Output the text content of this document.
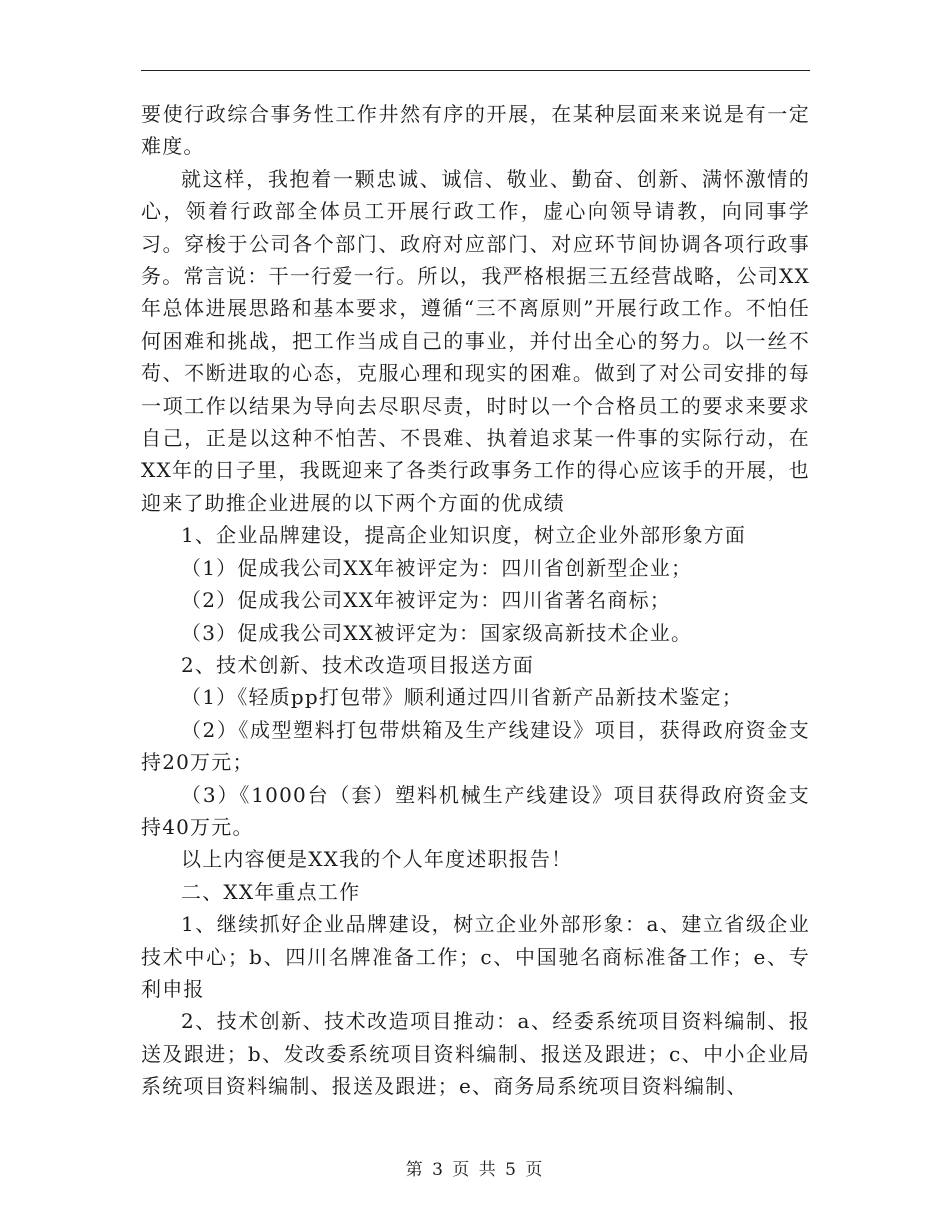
要使行政综合事务性工作井然有序的开展，在某种层面来来说是有一定难度。

就这样，我抱着一颗忠诚、诚信、敬业、勤奋、创新、满怀激情的心，领着行政部全体员工开展行政工作，虚心向领导请教，向同事学习。穿梭于公司各个部门、政府对应部门、对应环节间协调各项行政事务。常言说：干一行爱一行。所以，我严格根据三五经营战略，公司XX年总体进展思路和基本要求，遵循“三不离原则”开展行政工作。不怕任何困难和挑战，把工作当成自己的事业，并付出全心的努力。以一丝不苟、不断进取的心态，克服心理和现实的困难。做到了对公司安排的每一项工作以结果为导向去尽职尽责，时时以一个合格员工的要求来要求自己，正是以这种不怕苦、不畏难、执着追求某一件事的实际行动，在XX年的日子里，我既迎来了各类行政事务工作的得心应该手的开展，也迎来了助推企业进展的以下两个方面的优成绩

1、企业品牌建设，提高企业知识度，树立企业外部形象方面

（1）促成我公司XX年被评定为：四川省创新型企业；

（2）促成我公司XX年被评定为：四川省著名商标；

（3）促成我公司XX被评定为：国家级高新技术企业。

2、技术创新、技术改造项目报送方面

（1）《轻质pp打包带》顺利通过四川省新产品新技术鉴定；

（2）《成型塑料打包带烘箱及生产线建设》项目，获得政府资金支持20万元；

（3）《1000台（套）塑料机械生产线建设》项目获得政府资金支持40万元。

以上内容便是XX我的个人年度述职报告！

二、XX年重点工作

1、继续抓好企业品牌建设，树立企业外部形象：a、建立省级企业技术中心；b、四川名牌准备工作；c、中国驰名商标准备工作；e、专利申报

2、技术创新、技术改造项目推动：a、经委系统项目资料编制、报送及跟进；b、发改委系统项目资料编制、报送及跟进；c、中小企业局系统项目资料编制、报送及跟进；e、商务局系统项目资料编制、

第 3 页 共 5 页
